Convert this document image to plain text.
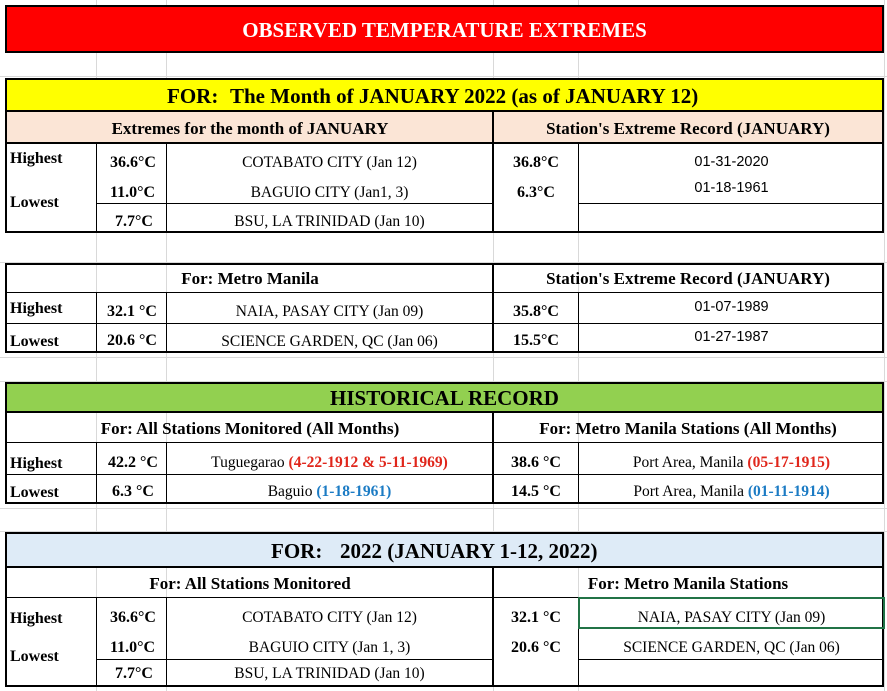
OBSERVED TEMPERATURE EXTREMES
FOR: The Month of JANUARY 2022 (as of JANUARY 12)
Extremes for the month of JANUARY	Station's Extreme Record (JANUARY)
Highest
Lowest
36.6°C	COTABATO CITY (Jan 12)	36.8°C	01-31-2020
11.0°C	BAGUIO CITY (Jan1, 3)	6.3°C	01-18-1961
7.7°C	BSU, LA TRINIDAD (Jan 10)
For: Metro Manila	Station's Extreme Record (JANUARY)
Highest	32.1 °C	NAIA, PASAY CITY (Jan 09)	35.8°C	01-07-1989
Lowest	20.6 °C	SCIENCE GARDEN, QC (Jan 06)	15.5°C	01-27-1987
HISTORICAL RECORD
For: All Stations Monitored (All Months)	For: Metro Manila Stations (All Months)
Highest	42.2 °C	Tuguegarao (4-22-1912 & 5-11-1969)	38.6 °C	Port Area, Manila (05-17-1915)
Lowest	6.3 °C	Baguio (1-18-1961)	14.5 °C	Port Area, Manila (01-11-1914)
FOR: 2022 (JANUARY 1-12, 2022)
For: All Stations Monitored	For: Metro Manila Stations
Highest	36.6°C	COTABATO CITY (Jan 12)	32.1 °C	NAIA, PASAY CITY (Jan 09)
Lowest
11.0°C	BAGUIO CITY (Jan 1, 3)	20.6 °C	SCIENCE GARDEN, QC (Jan 06)
7.7°C	BSU, LA TRINIDAD (Jan 10)
